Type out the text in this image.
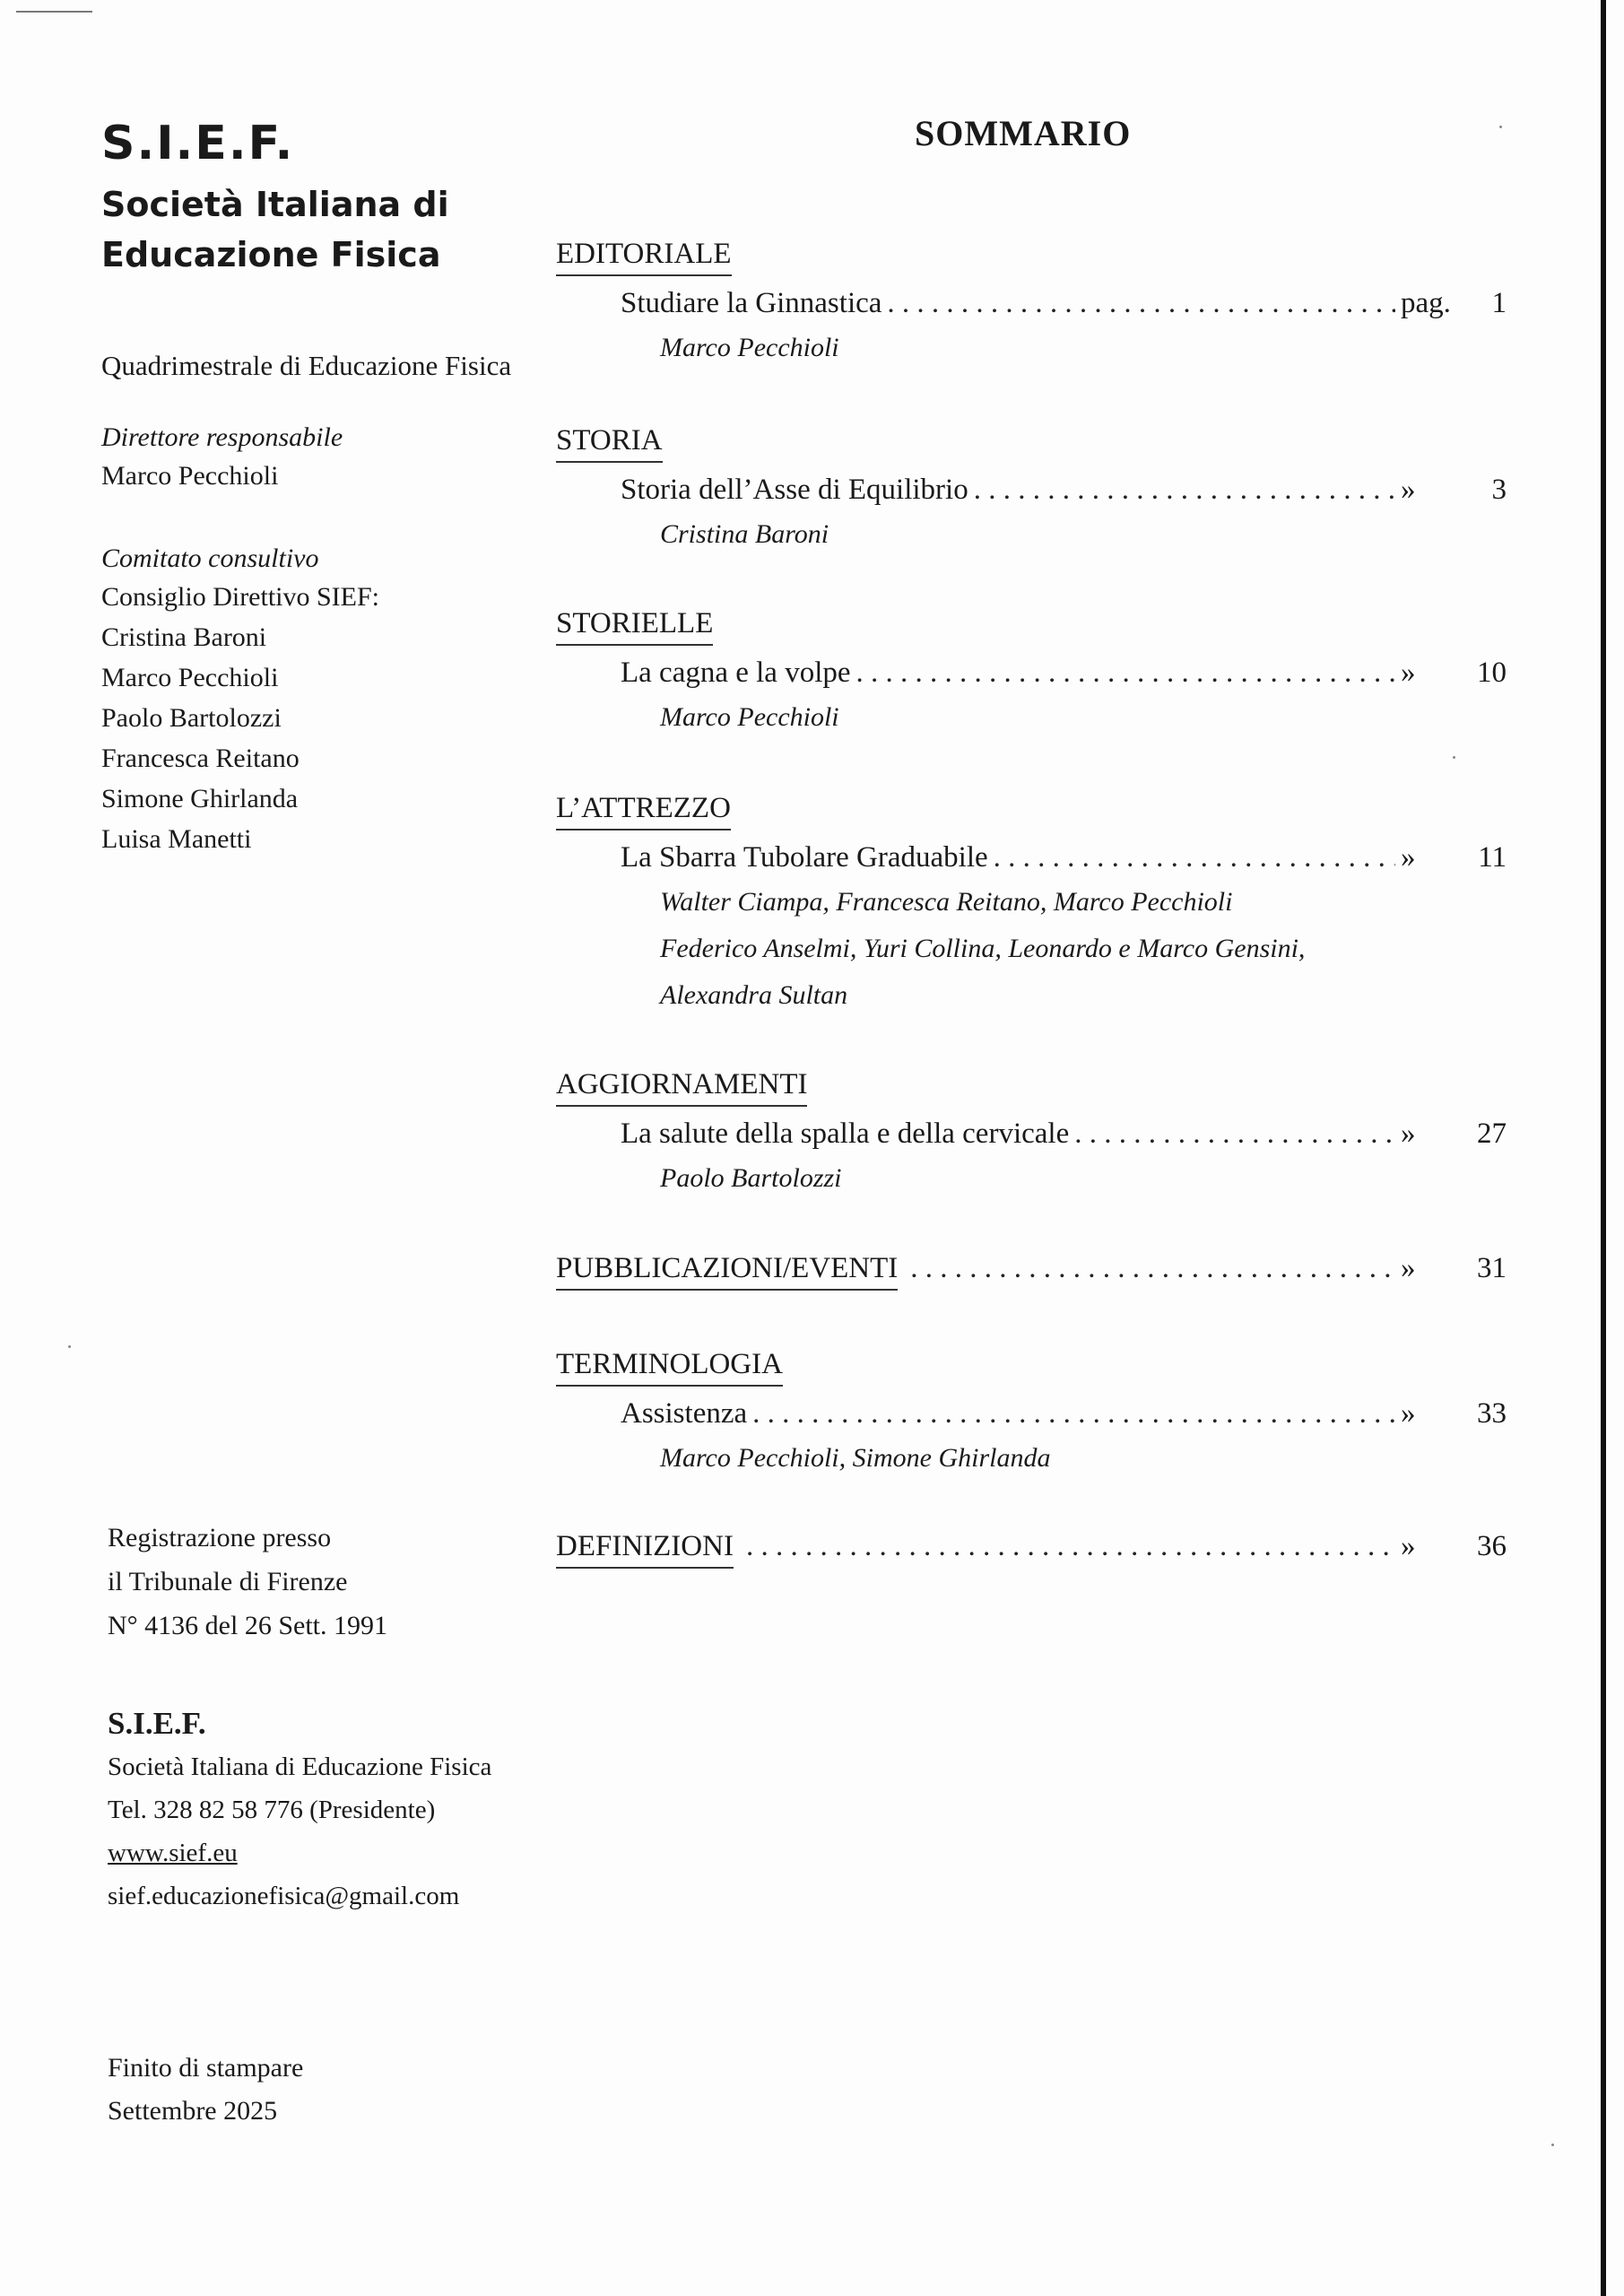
S.I.E.F.

Società Italiana di
Educazione Fisica

Quadrimestrale di Educazione Fisica
Direttore responsabile
Marco Pecchioli
Comitato consultivo
Consiglio Direttivo SIEF:
Cristina Baroni
Marco Pecchioli
Paolo Bartolozzi
Francesca Reitano
Simone Ghirlanda
Luisa Manetti
Registrazione presso
il Tribunale di Firenze
N° 4136 del 26 Sett. 1991
S.I.E.F.
Società Italiana di Educazione Fisica
Tel. 328 82 58 776 (Presidente)
www.sief.eu
sief.educazionefisica@gmail.com
Finito di stampare
Settembre 2025
SOMMARIO
EDITORIALE
Studiare la Ginnastica . . .	pag.	1
Marco Pecchioli
STORIA
Storia dell’Asse di Equilibrio . . .	»	3
Cristina Baroni
STORIELLE
La cagna e la volpe . . .	»	10
Marco Pecchioli
L’ATTREZZO
La Sbarra Tubolare Graduabile . . .	»	11
Walter Ciampa, Francesca Reitano, Marco Pecchioli
Federico Anselmi, Yuri Collina, Leonardo e Marco Gensini,
Alexandra Sultan
AGGIORNAMENTI
La salute della spalla e della cervicale . . .	»	27
Paolo Bartolozzi
PUBBLICAZIONI/EVENTI . . .	»	31
TERMINOLOGIA
Assistenza . . .	»	33
Marco Pecchioli, Simone Ghirlanda
DEFINIZIONI . . .	»	36
